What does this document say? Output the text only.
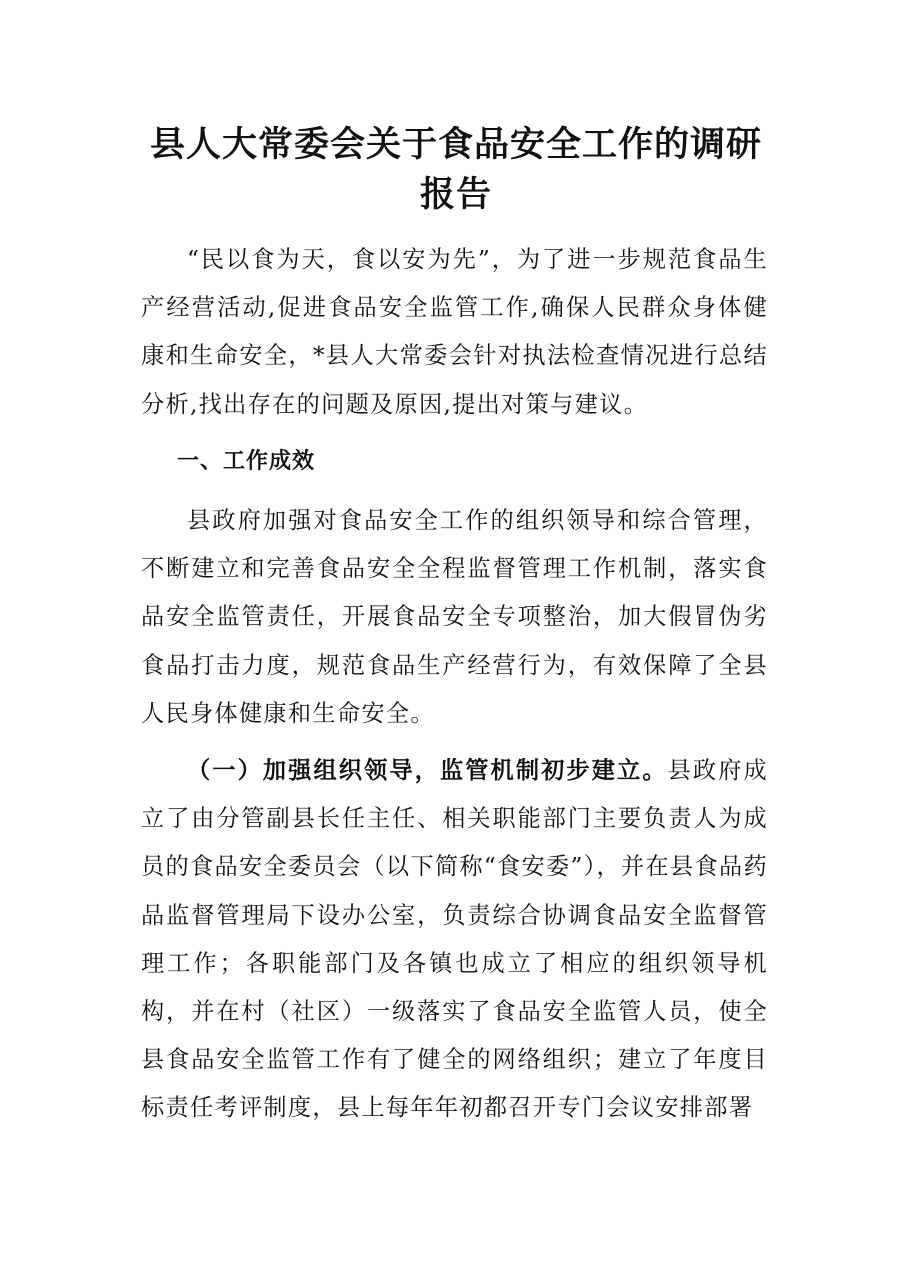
县人大常委会关于食品安全工作的调研报告

“民以食为天，食以安为先”，为了进一步规范食品生产经营活动,促进食品安全监管工作,确保人民群众身体健康和生命安全，*县人大常委会针对执法检查情况进行总结分析,找出存在的问题及原因,提出对策与建议。

一、工作成效

县政府加强对食品安全工作的组织领导和综合管理，不断建立和完善食品安全全程监督管理工作机制，落实食品安全监管责任，开展食品安全专项整治，加大假冒伪劣食品打击力度，规范食品生产经营行为，有效保障了全县人民身体健康和生命安全。

（一）加强组织领导，监管机制初步建立。县政府成立了由分管副县长任主任、相关职能部门主要负责人为成员的食品安全委员会（以下简称“食安委”），并在县食品药品监督管理局下设办公室，负责综合协调食品安全监督管理工作；各职能部门及各镇也成立了相应的组织领导机构，并在村（社区）一级落实了食品安全监管人员，使全县食品安全监管工作有了健全的网络组织；建立了年度目标责任考评制度，县上每年年初都召开专门会议安排部署
